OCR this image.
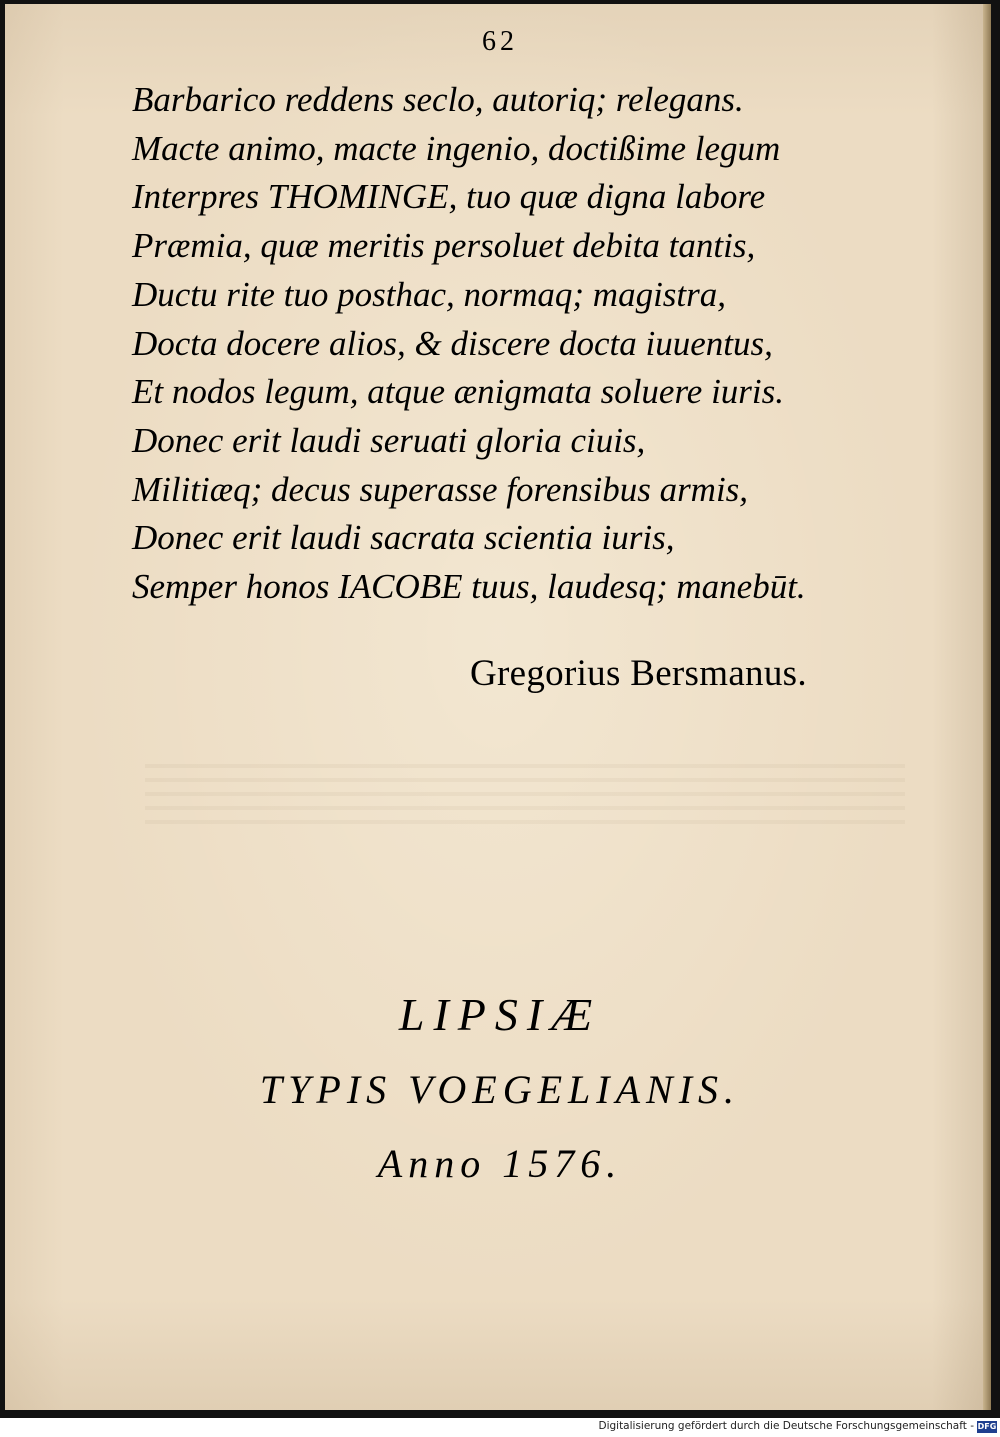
62
Barbarico reddens seclo, autoriq; relegans.
Macte animo, macte ingenio, doctißime legum
Interpres THOMINGE, tuo quæ digna labore
Præmia, quæ meritis persoluet debita tantis,
Ductu rite tuo posthac, normaq; magistra,
Docta docere alios, & discere docta iuuentus,
Et nodos legum, atque ænigmata soluere iuris.
Donec erit laudi seruati gloria ciuis,
Militiæq; decus superasse forensibus armis,
Donec erit laudi sacrata scientia iuris,
Semper honos IACOBE tuus, laudesq; manebūt.
Gregorius Bersmanus.
LIPSIÆ
TYPIS VOEGELIANIS.
Anno 1576.
Digitalisierung gefördert durch die Deutsche Forschungsgemeinschaft - DFG
